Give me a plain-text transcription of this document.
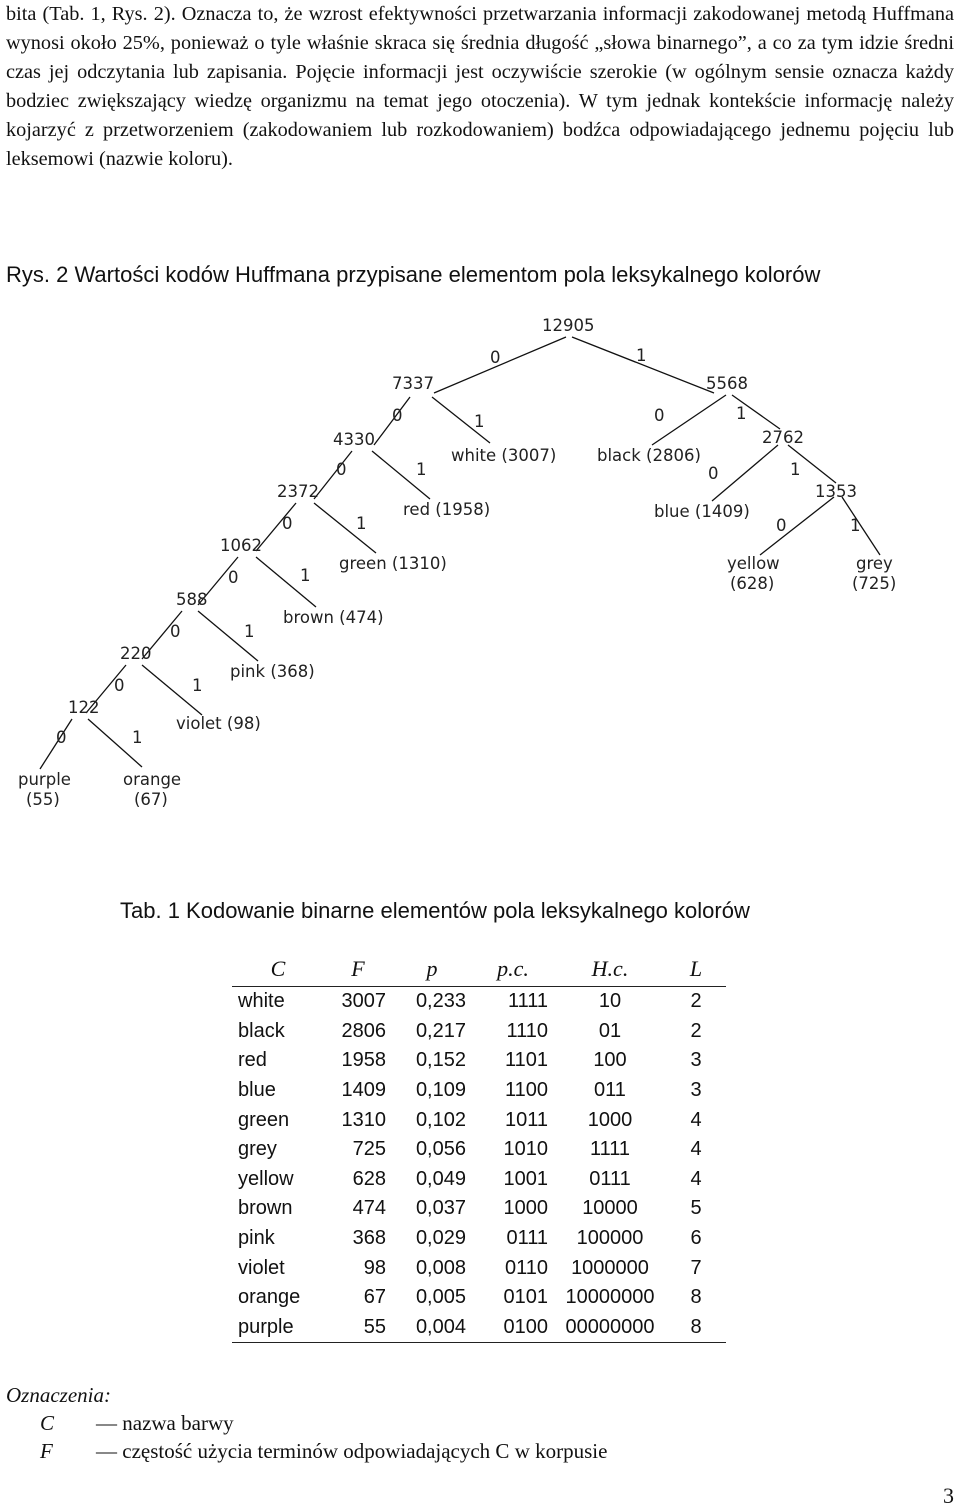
bita (Tab. 1, Rys. 2). Oznacza to, że wzrost efektywności przetwarzania informacji zakodowanej metodą Huffmana wynosi około 25%, ponieważ o tyle właśnie skraca się średnia długość „słowa binarnego”, a co za tym idzie średni czas jej odczytania lub zapisania. Pojęcie informacji jest oczywiście szerokie (w ogólnym sensie oznacza każdy bodziec zwiększający wiedzę organizmu na temat jego otoczenia). W tym jednak kontekście informację należy kojarzyć z przetworzeniem (zakodowaniem lub rozkodowaniem) bodźca odpowiadającego jednemu pojęciu lub leksemowi (nazwie koloru).

Rys. 2 Wartości kodów Huffmana przypisane elementom pola leksykalnego kolorów
12905
7337	5568
4330	2762
2372	1353
1062
588
220
122
0	1
0	1	0	1
0	1	0	1
0	1	0	1
0	1
0	1
0	1
0	1
white (3007) black (2806)
red (1958)	blue (1409)
green (1310)
brown (474)
pink (368)
violet (98)
yellow
(628)
grey
(725)
purple
(55)
orange
(67)
Tab. 1 Kodowanie binarne elementów pola leksykalnego kolorów
C	F	p	p.c.	H.c.	L
white	3007	0,233	1111	10	2
black	2806	0,217	1110	01	2
red	1958	0,152	1101	100	3
blue	1409	0,109	1100	011	3
green	1310	0,102	1011	1000	4
grey	725	0,056	1010	1111	4
yellow	628	0,049	1001	0111	4
brown	474	0,037	1000	10000	5
pink	368	0,029	0111	100000	6
violet	98	0,008	0110	1000000	7
orange	67	0,005	0101	10000000	8
purple	55	0,004	0100	00000000	8
Oznaczenia:
C — nazwa barwy
F — częstość użycia terminów odpowiadających C w korpusie
3
